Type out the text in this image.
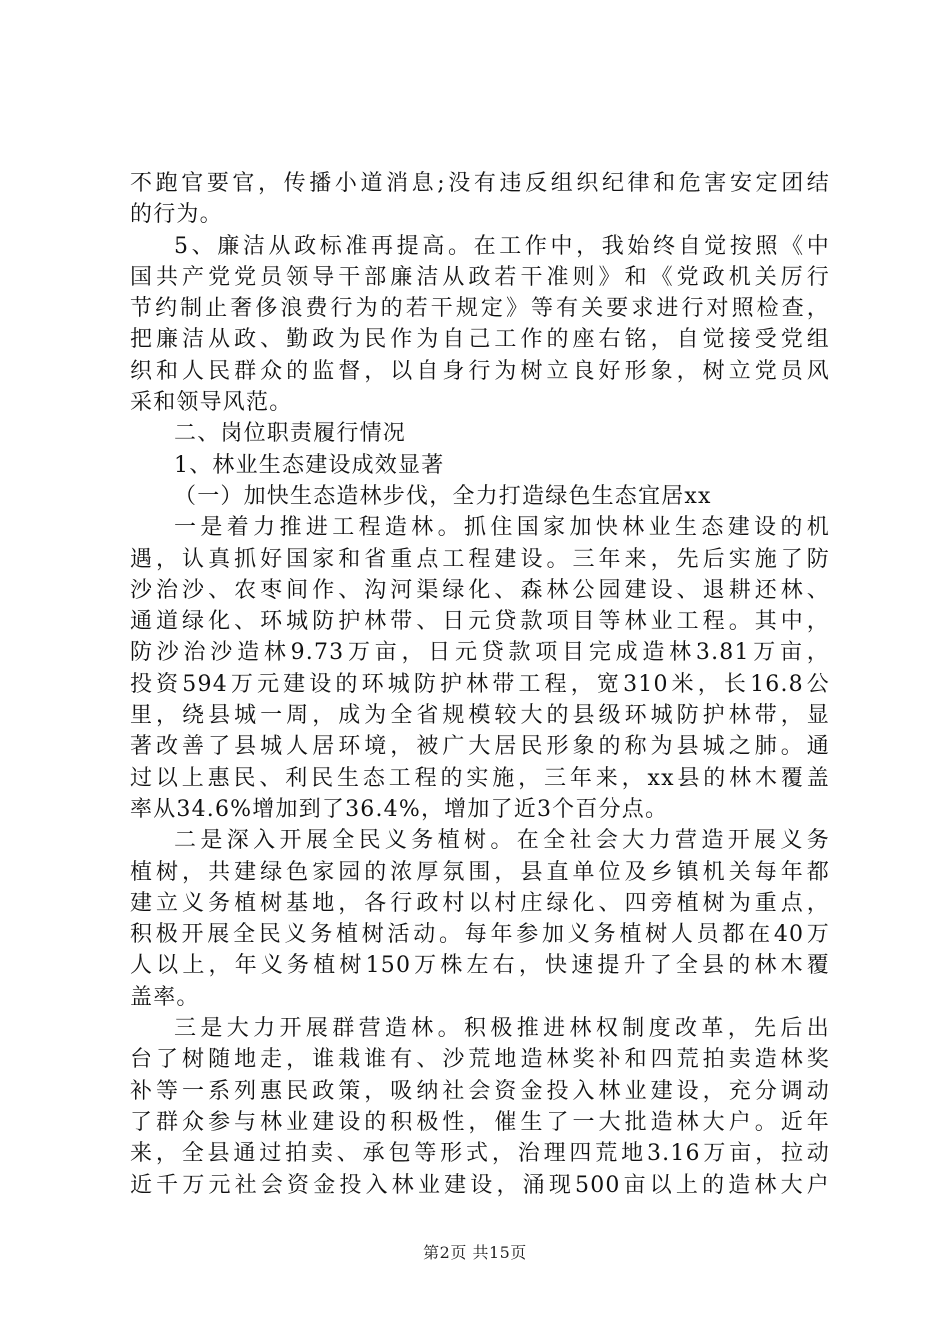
不跑官要官，传播小道消息;没有违反组织纪律和危害安定团结
的行为。
5、廉洁从政标准再提高。在工作中，我始终自觉按照《中
国共产党党员领导干部廉洁从政若干准则》和《党政机关厉行
节约制止奢侈浪费行为的若干规定》等有关要求进行对照检查，
把廉洁从政、勤政为民作为自己工作的座右铭，自觉接受党组
织和人民群众的监督，以自身行为树立良好形象，树立党员风
采和领导风范。
二、岗位职责履行情况
1、林业生态建设成效显著
（一）加快生态造林步伐，全力打造绿色生态宜居xx
一是着力推进工程造林。抓住国家加快林业生态建设的机
遇，认真抓好国家和省重点工程建设。三年来，先后实施了防
沙治沙、农枣间作、沟河渠绿化、森林公园建设、退耕还林、
通道绿化、环城防护林带、日元贷款项目等林业工程。其中，
防沙治沙造林9.73万亩，日元贷款项目完成造林3.81万亩，
投资594万元建设的环城防护林带工程，宽310米，长16.8公
里，绕县城一周，成为全省规模较大的县级环城防护林带，显
著改善了县城人居环境，被广大居民形象的称为县城之肺。通
过以上惠民、利民生态工程的实施，三年来，xx县的林木覆盖
率从34.6%增加到了36.4%，增加了近3个百分点。
二是深入开展全民义务植树。在全社会大力营造开展义务
植树，共建绿色家园的浓厚氛围，县直单位及乡镇机关每年都
建立义务植树基地，各行政村以村庄绿化、四旁植树为重点，
积极开展全民义务植树活动。每年参加义务植树人员都在40万
人以上，年义务植树150万株左右，快速提升了全县的林木覆
盖率。
三是大力开展群营造林。积极推进林权制度改革，先后出
台了树随地走，谁栽谁有、沙荒地造林奖补和四荒拍卖造林奖
补等一系列惠民政策，吸纳社会资金投入林业建设，充分调动
了群众参与林业建设的积极性，催生了一大批造林大户。近年
来，全县通过拍卖、承包等形式，治理四荒地3.16万亩，拉动
近千万元社会资金投入林业建设，涌现500亩以上的造林大户
第2页 共15页
